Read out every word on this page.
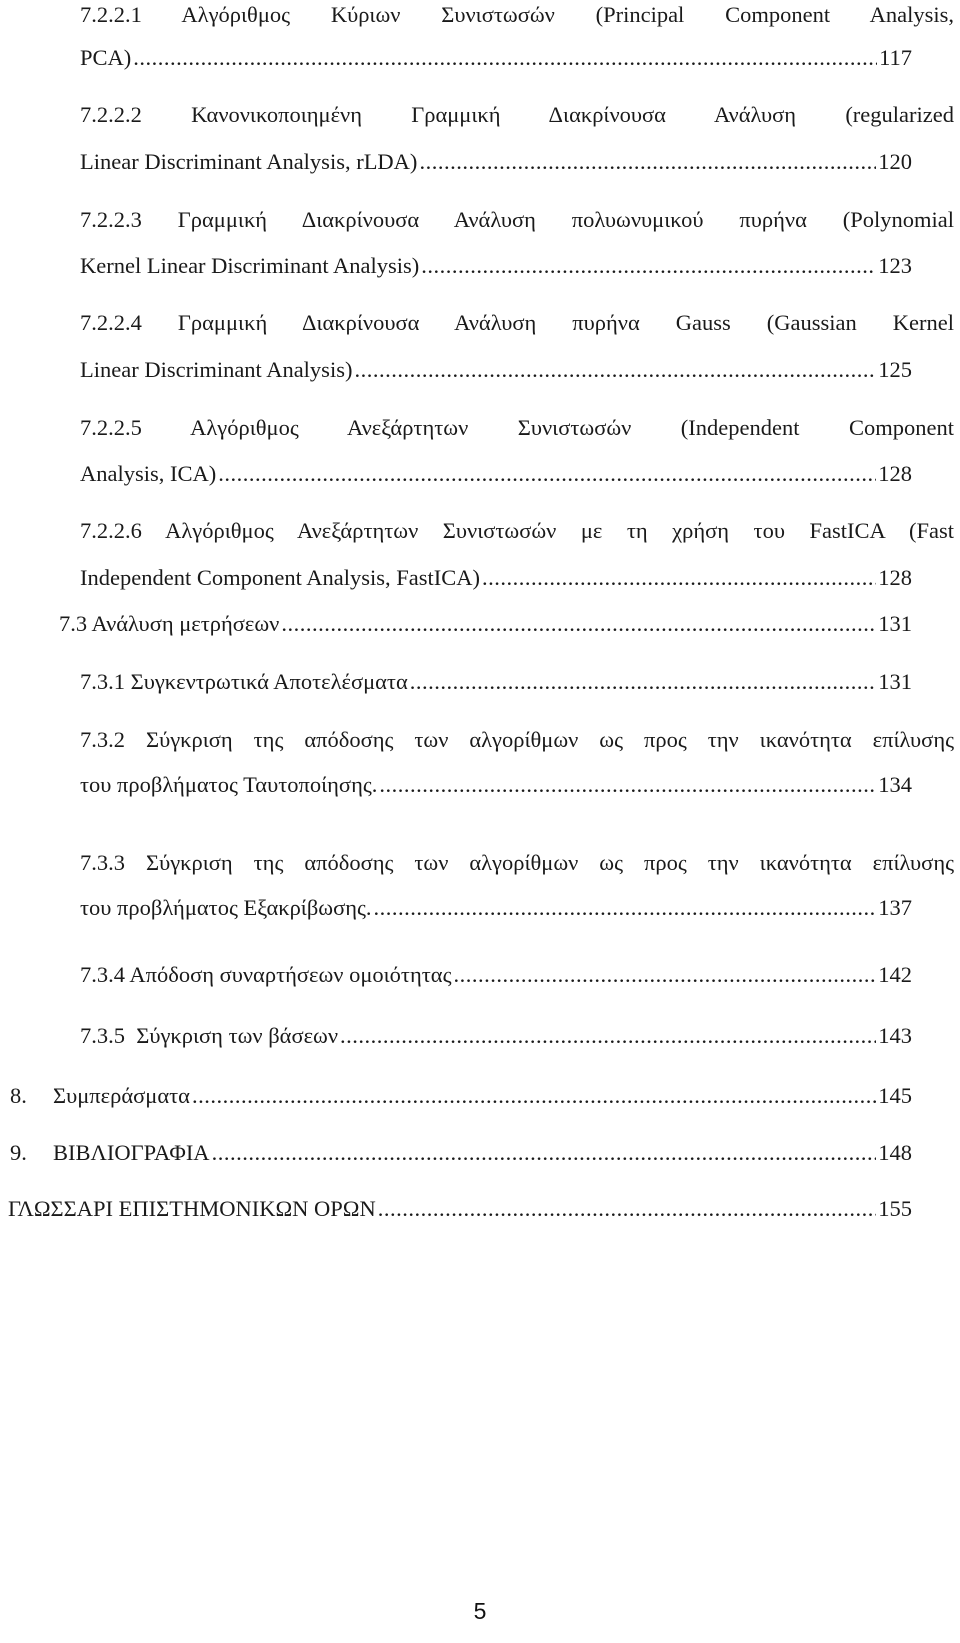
7.2.2.1 Αλγόριθμος Κύριων Συνιστωσών (Principal Component Analysis,
PCA) .....	117
7.2.2.2 Κανονικοποιημένη Γραμμική Διακρίνουσα Ανάλυση (regularized
Linear Discriminant Analysis, rLDA) .....	120
7.2.2.3 Γραμμική Διακρίνουσα Ανάλυση πολυωνυμικού πυρήνα (Polynomial
Kernel Linear Discriminant Analysis) .....	123
7.2.2.4 Γραμμική Διακρίνουσα Ανάλυση πυρήνα Gauss (Gaussian Kernel
Linear Discriminant Analysis) .....	125
7.2.2.5 Αλγόριθμος Ανεξάρτητων Συνιστωσών (Independent Component
Analysis, ICA) .....	128
7.2.2.6 Αλγόριθμος Ανεξάρτητων Συνιστωσών με τη χρήση του FastICA (Fast
Independent Component Analysis, FastICA) .....	128
7.3 Ανάλυση μετρήσεων .....	131
7.3.1 Συγκεντρωτικά Αποτελέσματα .....	131
7.3.2 Σύγκριση της απόδοσης των αλγορίθμων ως προς την ικανότητα επίλυσης
του προβλήματος Ταυτοποίησης. .....	134
7.3.3 Σύγκριση της απόδοσης των αλγορίθμων ως προς την ικανότητα επίλυσης
του προβλήματος Εξακρίβωσης. .....	137
7.3.4 Απόδοση συναρτήσεων ομοιότητας .....	142
7.3.5  Σύγκριση των βάσεων .....	143
8. Συμπεράσματα .....	145
9. ΒΙΒΛΙΟΓΡΑΦΙΑ .....	148
ΓΛΩΣΣΑΡΙ ΕΠΙΣΤΗΜΟΝΙΚΩΝ ΟΡΩΝ .....	155
5
